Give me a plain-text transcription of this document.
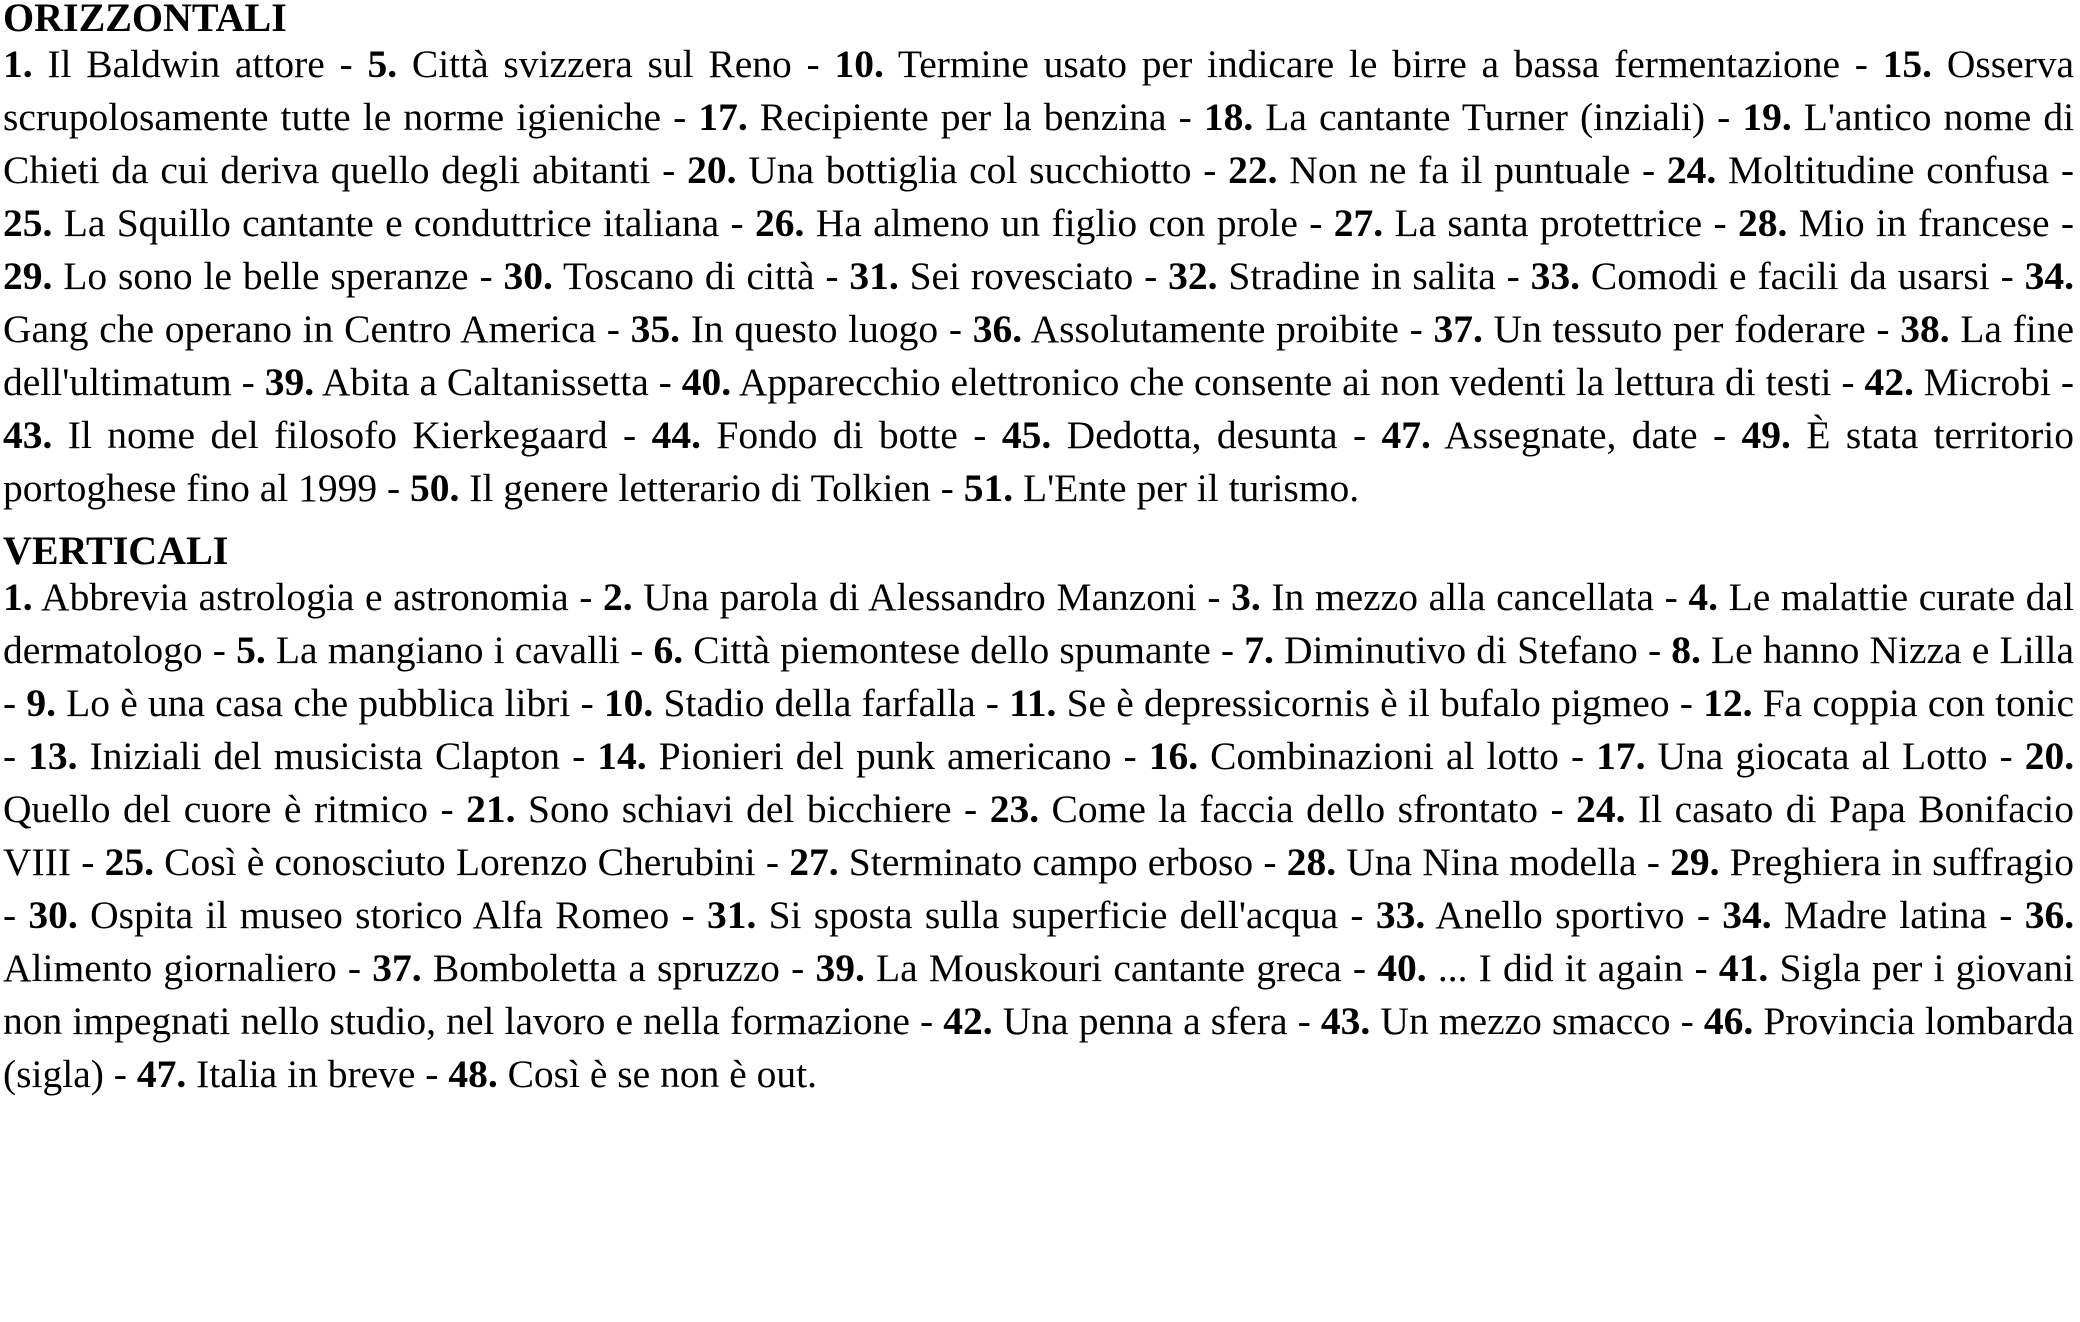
ORIZZONTALI

1. Il Baldwin attore - 5. Città svizzera sul Reno - 10. Termine usato per indicare le birre a bassa fermentazione - 15. Osserva scrupolosamente tutte le norme igieniche - 17. Recipiente per la benzina - 18. La cantante Turner (inziali) - 19. L'antico nome di Chieti da cui deriva quello degli abitanti - 20. Una bottiglia col succhiotto - 22. Non ne fa il puntuale - 24. Moltitudine confusa - 25. La Squillo cantante e conduttrice italiana - 26. Ha almeno un figlio con prole - 27. La santa protettrice - 28. Mio in francese - 29. Lo sono le belle speranze - 30. Toscano di città - 31. Sei rovesciato - 32. Stradine in salita - 33. Comodi e facili da usarsi - 34. Gang che operano in Centro America - 35. In questo luogo - 36. Assolutamente proibite - 37. Un tessuto per foderare - 38. La fine dell'ultimatum - 39. Abita a Caltanissetta - 40. Apparecchio elettronico che consente ai non vedenti la lettura di testi - 42. Microbi - 43. Il nome del filosofo Kierkegaard - 44. Fondo di botte - 45. Dedotta, desunta - 47. Assegnate, date - 49. È stata territorio portoghese fino al 1999 - 50. Il genere letterario di Tolkien - 51. L'Ente per il turismo.

VERTICALI

1. Abbrevia astrologia e astronomia - 2. Una parola di Alessandro Manzoni - 3. In mezzo alla cancellata - 4. Le malattie curate dal dermatologo - 5. La mangiano i cavalli - 6. Città piemontese dello spumante - 7. Diminutivo di Stefano - 8. Le hanno Nizza e Lilla - 9. Lo è una casa che pubblica libri - 10. Stadio della farfalla - 11. Se è depressicornis è il bufalo pigmeo - 12. Fa coppia con tonic - 13. Iniziali del musicista Clapton - 14. Pionieri del punk americano - 16. Combinazioni al lotto - 17. Una giocata al Lotto - 20. Quello del cuore è ritmico - 21. Sono schiavi del bicchiere - 23. Come la faccia dello sfrontato - 24. Il casato di Papa Bonifacio VIII - 25. Così è conosciuto Lorenzo Cherubini - 27. Sterminato campo erboso - 28. Una Nina modella - 29. Preghiera in suffragio - 30. Ospita il museo storico Alfa Romeo - 31. Si sposta sulla superficie dell'acqua - 33. Anello sportivo - 34. Madre latina - 36. Alimento giornaliero - 37. Bomboletta a spruzzo - 39. La Mouskouri cantante greca - 40. ... I did it again - 41. Sigla per i giovani non impegnati nello studio, nel lavoro e nella formazione - 42. Una penna a sfera - 43. Un mezzo smacco - 46. Provincia lombarda (sigla) - 47. Italia in breve - 48. Così è se non è out.
